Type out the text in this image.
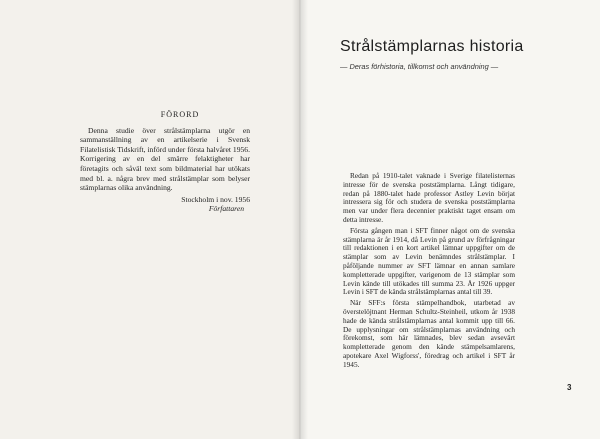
FÖRORD
Denna studie över strålstämplarna utgör en sammanställning av en artikelserie i Svensk Filatelistisk Tidskrift, införd under första halvåret 1956. Korrigering av en del smärre felaktigheter har företagits och såväl text som bildmaterial har utökats med bl. a. några brev med strålstämplar som belyser stämplarnas olika användning.
Stockholm i nov. 1956
Författaren
Strålstämplarnas historia
— Deras förhistoria, tillkomst och användning —

Redan på 1910-talet vaknade i Sverige filatelisternas intresse för de svenska poststämplarna. Långt tidigare, redan på 1880-talet hade professor Astley Levin börjat intressera sig för och studera de svenska poststämplarna men var under flera decennier praktiskt taget ensam om detta intresse.

Första gången man i SFT finner något om de svenska stämplarna är år 1914, då Levin på grund av förfrågningar till redaktionen i en kort artikel lämnar uppgifter om de stämplar som av Levin benämndes strålstämplar. I påföljande nummer av SFT lämnar en annan samlare kompletterade uppgifter, varigenom de 13 stämplar som Levin kände till utökades till summa 23. År 1926 uppger Levin i SFT de kända strålstämplarnas antal till 39.

När SFF:s första stämpelhandbok, utarbetad av överstelöjtnant Herman Schultz-Steinheil, utkom år 1938 hade de kända strålstämplarnas antal kommit upp till 66. De upplysningar om strålstämplarnas användning och förekomst, som här lämnades, blev sedan avsevärt kompletterade genom den kände stämpelsamlarens, apotekare Axel Wigforss', föredrag och artikel i SFT år 1945.

3
